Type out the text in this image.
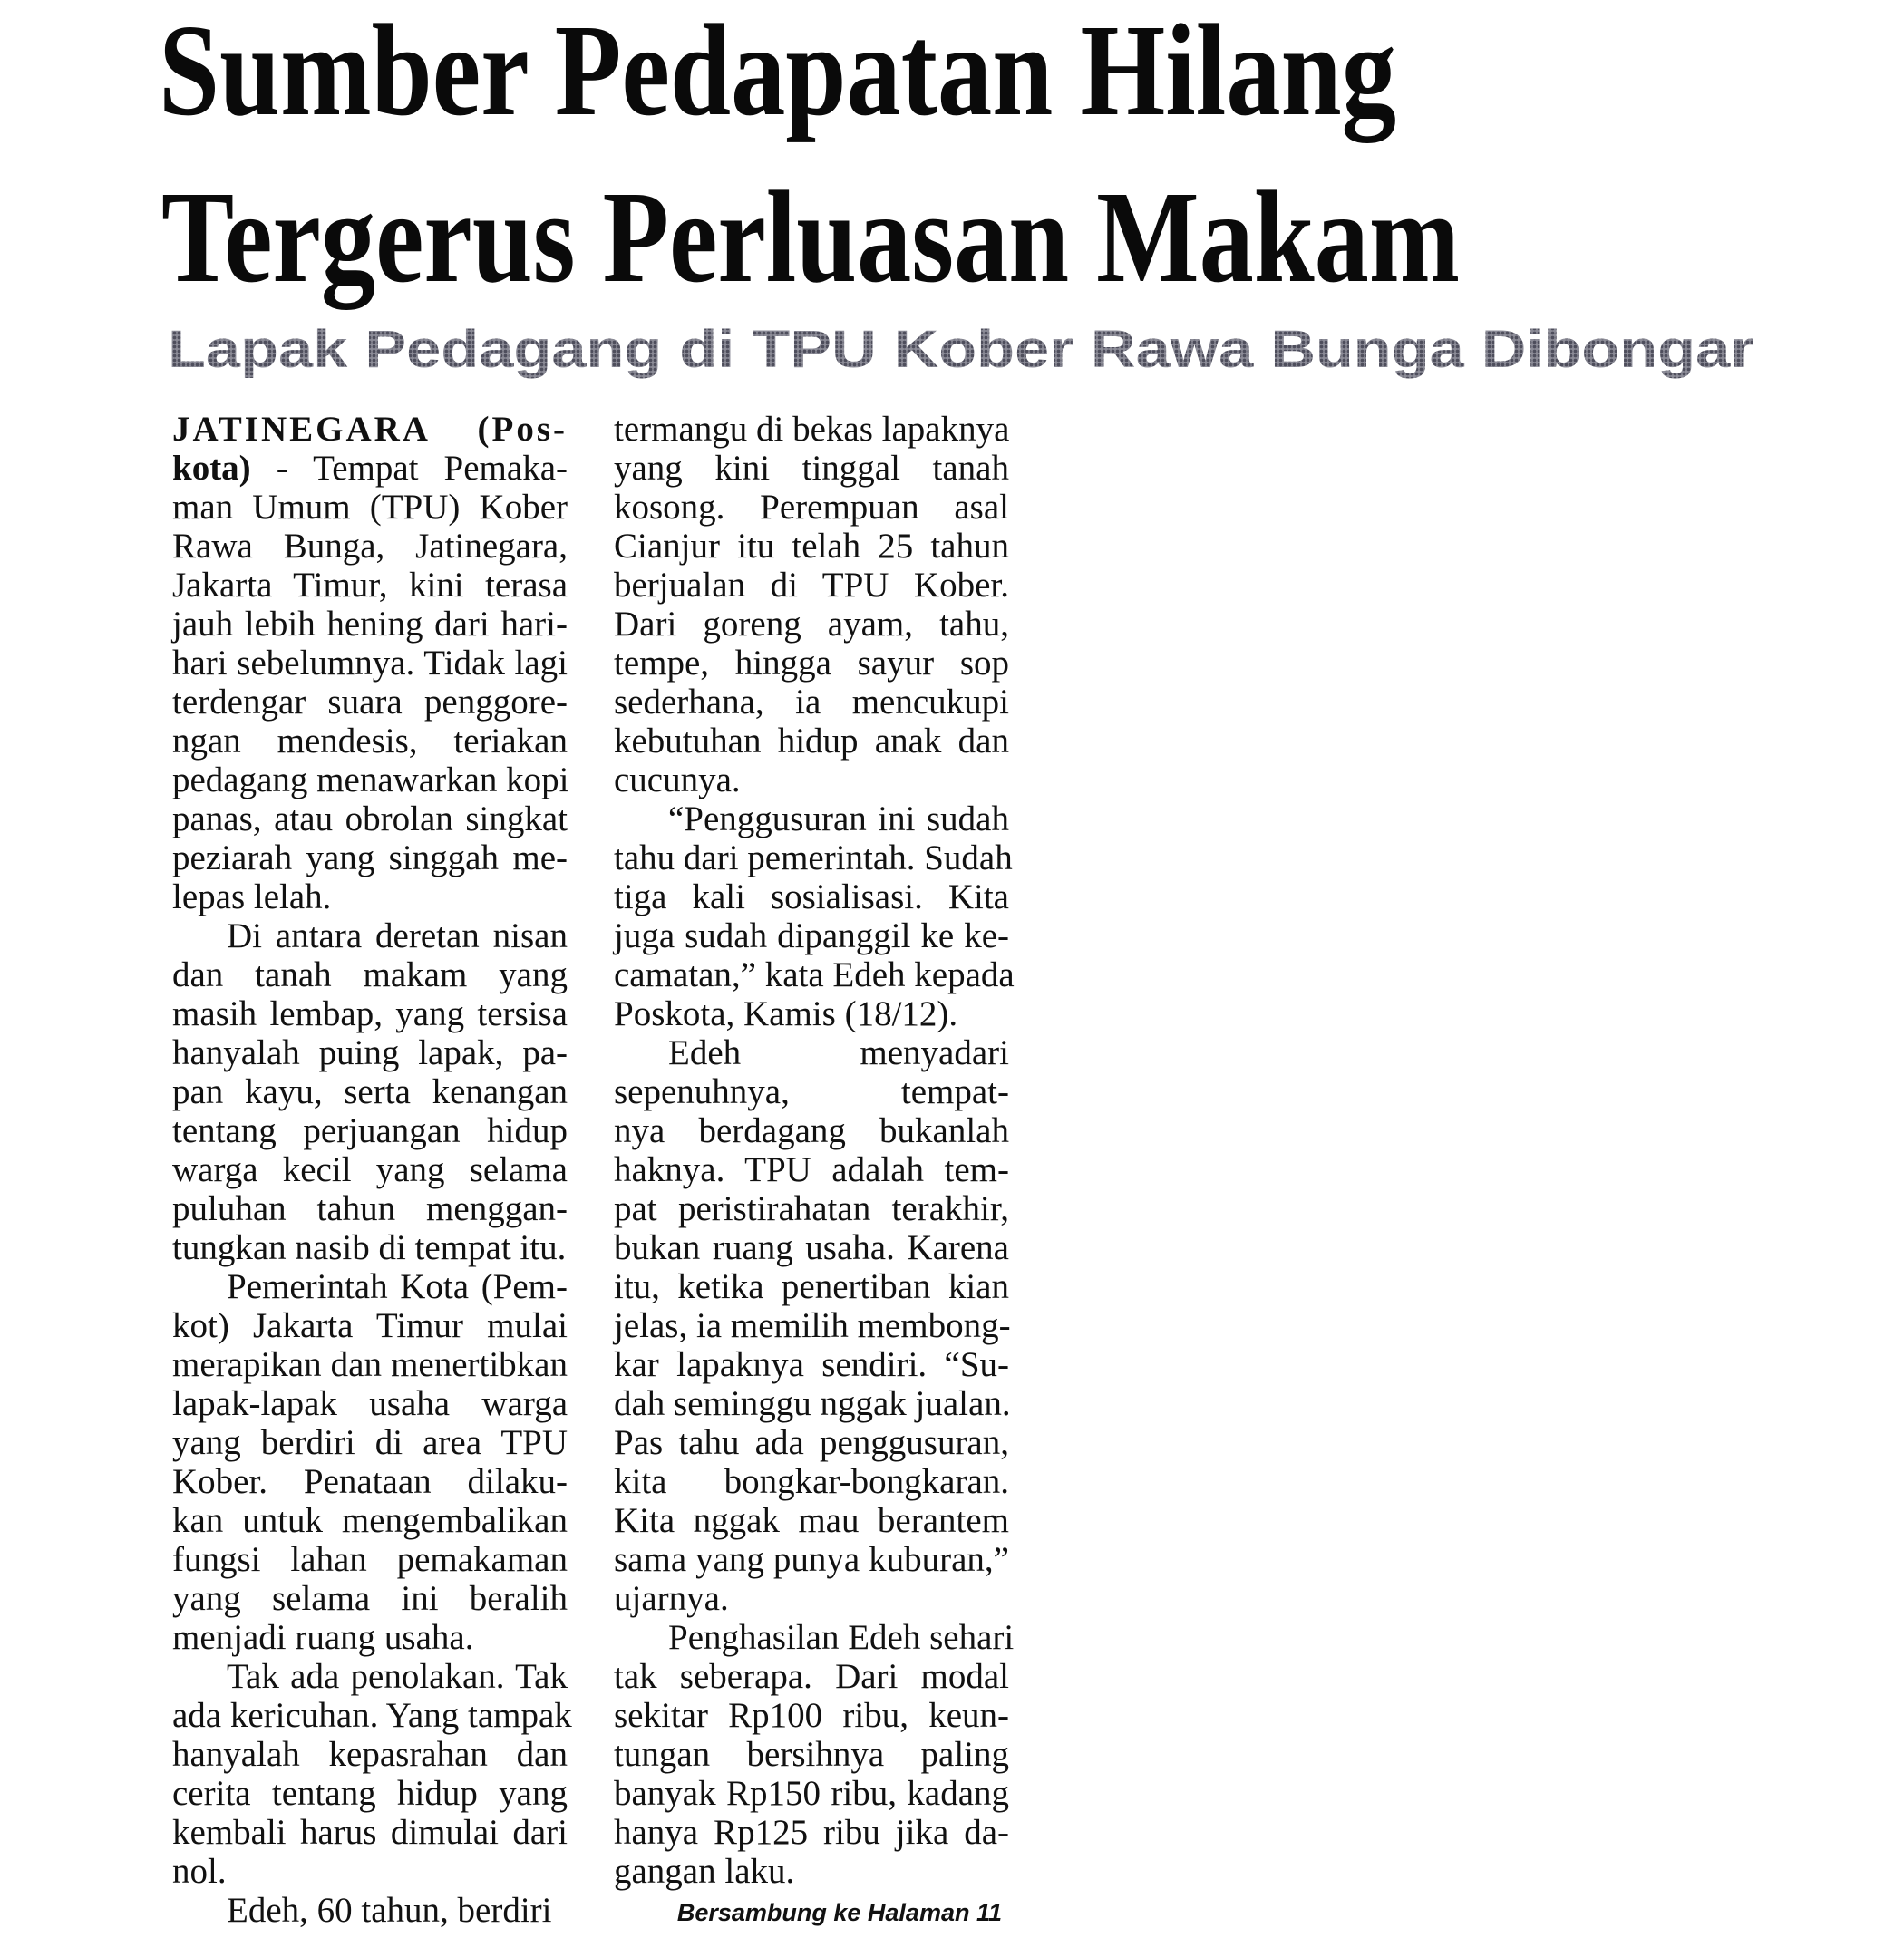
Sumber Pedapatan Hilang
Tergerus Perluasan Makam
Lapak Pedagang di TPU Kober Rawa Bunga Dibongar
JATINEGARA (Pos-
kota) - Tempat Pemaka-
man Umum (TPU) Kober
Rawa Bunga, Jatinegara,
Jakarta Timur, kini terasa
jauh lebih hening dari hari-
hari sebelumnya. Tidak lagi
terdengar suara penggore-
ngan mendesis, teriakan
pedagang menawarkan kopi
panas, atau obrolan singkat
peziarah yang singgah me-
lepas lelah.
Di antara deretan nisan
dan tanah makam yang
masih lembap, yang tersisa
hanyalah puing lapak, pa-
pan kayu, serta kenangan
tentang perjuangan hidup
warga kecil yang selama
puluhan tahun menggan-
tungkan nasib di tempat itu.
Pemerintah Kota (Pem-
kot) Jakarta Timur mulai
merapikan dan menertibkan
lapak-lapak usaha warga
yang berdiri di area TPU
Kober. Penataan dilaku-
kan untuk mengembalikan
fungsi lahan pemakaman
yang selama ini beralih
menjadi ruang usaha.
Tak ada penolakan. Tak
ada kericuhan. Yang tampak
hanyalah kepasrahan dan
cerita tentang hidup yang
kembali harus dimulai dari
nol.
Edeh, 60 tahun, berdiri
termangu di bekas lapaknya
yang kini tinggal tanah
kosong. Perempuan asal
Cianjur itu telah 25 tahun
berjualan di TPU Kober.
Dari goreng ayam, tahu,
tempe, hingga sayur sop
sederhana, ia mencukupi
kebutuhan hidup anak dan
cucunya.
“Penggusuran ini sudah
tahu dari pemerintah. Sudah
tiga kali sosialisasi. Kita
juga sudah dipanggil ke ke-
camatan,” kata Edeh kepada
Poskota, Kamis (18/12).
Edeh menyadari
sepenuhnya, tempat-
nya berdagang bukanlah
haknya. TPU adalah tem-
pat peristirahatan terakhir,
bukan ruang usaha. Karena
itu, ketika penertiban kian
jelas, ia memilih membong-
kar lapaknya sendiri. “Su-
dah seminggu nggak jualan.
Pas tahu ada penggusuran,
kita bongkar-bongkaran.
Kita nggak mau berantem
sama yang punya kuburan,”
ujarnya.
Penghasilan Edeh sehari
tak seberapa. Dari modal
sekitar Rp100 ribu, keun-
tungan bersihnya paling
banyak Rp150 ribu, kadang
hanya Rp125 ribu jika da-
gangan laku.
Bersambung ke Halaman 11
